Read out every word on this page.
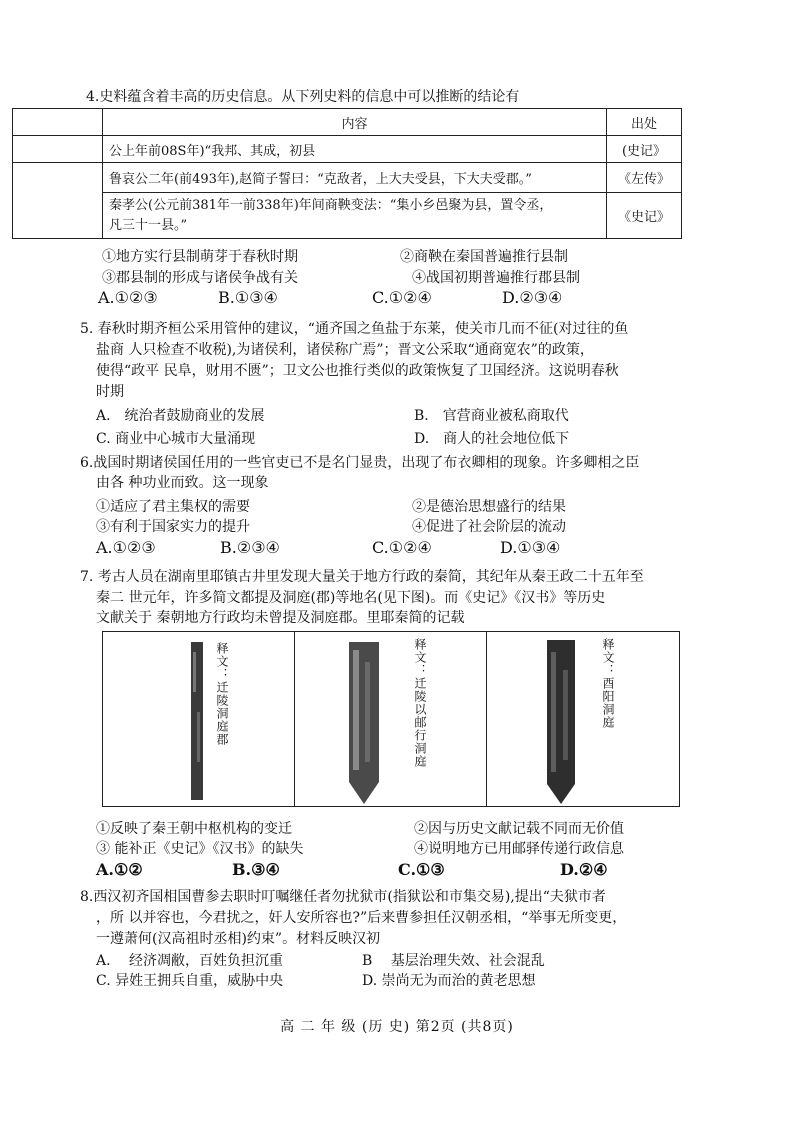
4.史料蕴含着丰高的历史信息。从下列史料的信息中可以推断的结论有
	内容	出处
	公上年前08S年)“我邦、其成，初县	(史记》
	鲁哀公二年(前493年),赵简子誓曰：“克敌者，上大夫受县，下大夫受郡。”	《左传》

	秦孝公(公元前381年一前338年)年间商鞅变法：“集小乡邑聚为县，置令丞，
凡三十一县。”	《史记》
①地方实行县制萌芽于春秋时期	②商鞅在秦国普遍推行县制
③郡县制的形成与诸侯争战有关	④战国初期普遍推行郡县制
A.①②③	B.①③④	C.①②④	D.②③④
5. 春秋时期齐桓公采用管仲的建议，“通齐国之鱼盐于东莱，使关市几而不征(对过往的鱼
盐商 人只检查不收税),为诸侯利，诸侯称广焉”；晋文公采取“通商宽农”的政策，
使得“政平 民阜，财用不匮”；卫文公也推行类似的政策恢复了卫国经济。这说明春秋
时期
A.　统治者鼓励商业的发展	B.　官营商业被私商取代
C. 商业中心城市大量涌现	D.　商人的社会地位低下
6.战国时期诸侯国任用的一些官吏已不是名门显贵，出现了布衣卿相的现象。许多卿相之臣
由各 种功业而致。这一现象
①适应了君主集权的需要	②是德治思想盛行的结果
③有利于国家实力的提升	④促进了社会阶层的流动
A.①②③	B.②③④	C.①②④	D.①③④
7. 考古人员在湖南里耶镇古井里发现大量关于地方行政的秦简，其纪年从秦王政二十五年至
秦二 世元年，许多简文都提及洞庭(郡)等地名(见下图)。而《史记》《汉书》等历史
文献关于 秦朝地方行政均未曾提及洞庭郡。里耶秦简的记载
释文：迁陵洞庭郡	释文：迁陵以邮行洞庭	释文：酉阳洞庭
①反映了秦王朝中枢机构的变迁	②因与历史文献记载不同而无价值
③ 能补正《史记》《汉书》的缺失	④说明地方已用邮驿传递行政信息
A.①②	B.③④	C.①③	D.②④
8.西汉初齐国相国曹参去职时叮嘱继任者勿扰狱市(指狱讼和市集交易),提出“夫狱市者
，所 以并容也，今君扰之，奸人安所容也?”后来曹参担任汉朝丞相，“举事无所变更，
一遵萧何(汉高祖时丞相)约束”。材料反映汉初
A.　 经济凋敝，百姓负担沉重	B　 基层治理失效、社会混乱
C. 异姓王拥兵自重，威胁中央	D. 崇尚无为而治的黄老思想
高 二 年 级 (历 史) 第2页 (共8页)
